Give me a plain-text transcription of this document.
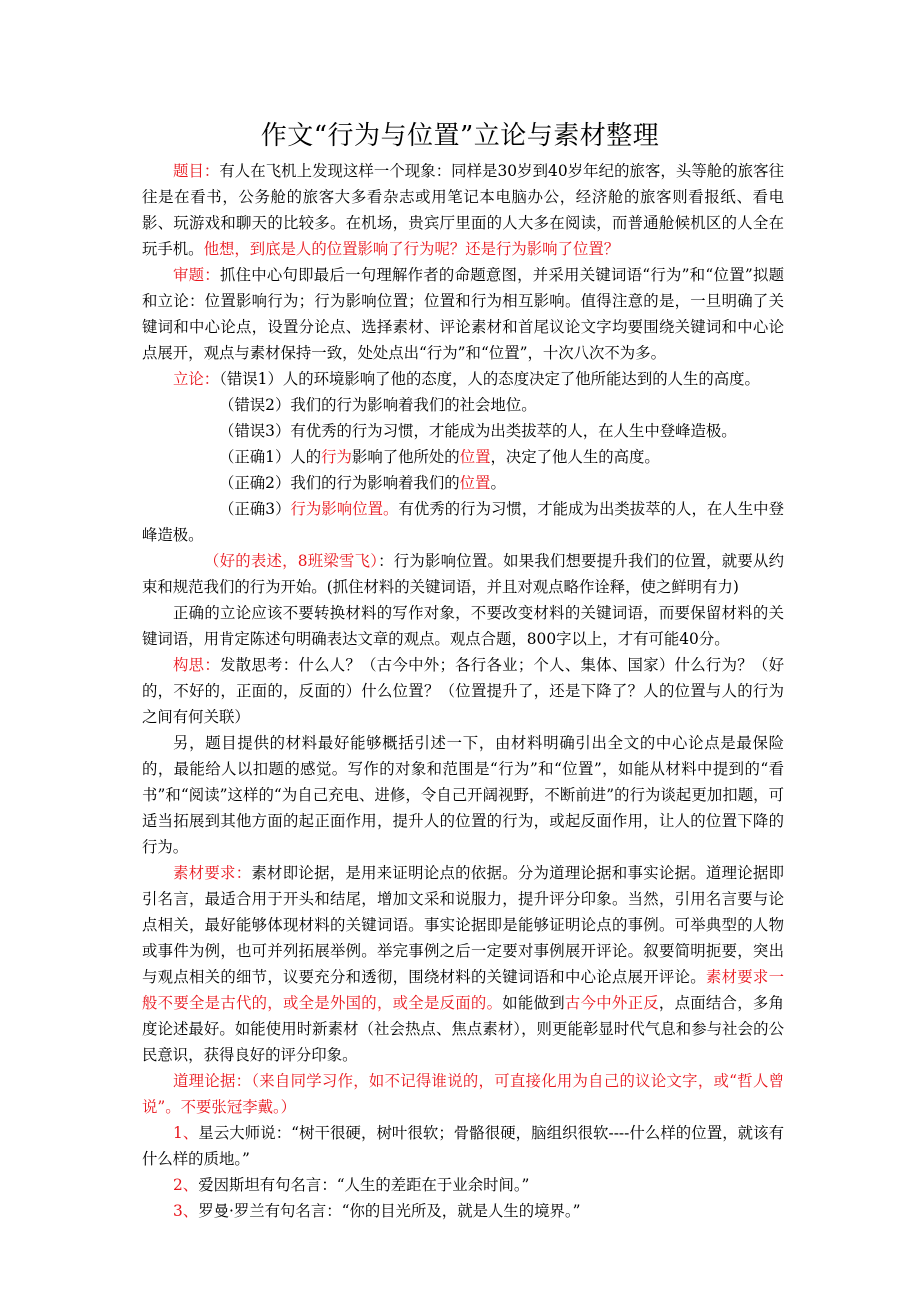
作文“行为与位置”立论与素材整理

题目：有人在飞机上发现这样一个现象：同样是30岁到40岁年纪的旅客，头等舱的旅客往往是在看书，公务舱的旅客大多看杂志或用笔记本电脑办公，经济舱的旅客则看报纸、看电影、玩游戏和聊天的比较多。在机场，贵宾厅里面的人大多在阅读，而普通舱候机区的人全在玩手机。他想，到底是人的位置影响了行为呢？还是行为影响了位置？

审题：抓住中心句即最后一句理解作者的命题意图，并采用关键词语“行为”和“位置”拟题和立论：位置影响行为；行为影响位置；位置和行为相互影响。值得注意的是，一旦明确了关键词和中心论点，设置分论点、选择素材、评论素材和首尾议论文字均要围绕关键词和中心论点展开，观点与素材保持一致，处处点出“行为”和“位置”，十次八次不为多。

立论：（错误1）人的环境影响了他的态度，人的态度决定了他所能达到的人生的高度。

（错误2）我们的行为影响着我们的社会地位。

（错误3）有优秀的行为习惯，才能成为出类拔萃的人，在人生中登峰造极。

（正确1）人的行为影响了他所处的位置，决定了他人生的高度。

（正确2）我们的行为影响着我们的位置。

（正确3）行为影响位置。有优秀的行为习惯，才能成为出类拔萃的人，在人生中登峰造极。

（好的表述，8班梁雪飞）：行为影响位置。如果我们想要提升我们的位置，就要从约束和规范我们的行为开始。(抓住材料的关键词语，并且对观点略作诠释，使之鲜明有力)

正确的立论应该不要转换材料的写作对象，不要改变材料的关键词语，而要保留材料的关键词语，用肯定陈述句明确表达文章的观点。观点合题，800字以上，才有可能40分。

构思：发散思考：什么人？（古今中外；各行各业；个人、集体、国家）什么行为？（好的，不好的，正面的，反面的）什么位置？（位置提升了，还是下降了？人的位置与人的行为之间有何关联）

另，题目提供的材料最好能够概括引述一下，由材料明确引出全文的中心论点是最保险的，最能给人以扣题的感觉。写作的对象和范围是“行为”和“位置”，如能从材料中提到的“看书”和“阅读”这样的“为自己充电、进修，令自己开阔视野，不断前进”的行为谈起更加扣题，可适当拓展到其他方面的起正面作用，提升人的位置的行为，或起反面作用，让人的位置下降的行为。

素材要求：素材即论据，是用来证明论点的依据。分为道理论据和事实论据。道理论据即引名言，最适合用于开头和结尾，增加文采和说服力，提升评分印象。当然，引用名言要与论点相关，最好能够体现材料的关键词语。事实论据即是能够证明论点的事例。可举典型的人物或事件为例，也可并列拓展举例。举完事例之后一定要对事例展开评论。叙要简明扼要，突出与观点相关的细节，议要充分和透彻，围绕材料的关键词语和中心论点展开评论。素材要求一般不要全是古代的，或全是外国的，或全是反面的。如能做到古今中外正反，点面结合，多角度论述最好。如能使用时新素材（社会热点、焦点素材），则更能彰显时代气息和参与社会的公民意识，获得良好的评分印象。

道理论据：（来自同学习作，如不记得谁说的，可直接化用为自己的议论文字，或“哲人曾说”。不要张冠李戴。）

1、星云大师说：“树干很硬，树叶很软；骨骼很硬，脑组织很软----什么样的位置，就该有什么样的质地。”

2、爱因斯坦有句名言：“人生的差距在于业余时间。”

3、罗曼·罗兰有句名言：“你的目光所及，就是人生的境界。”
